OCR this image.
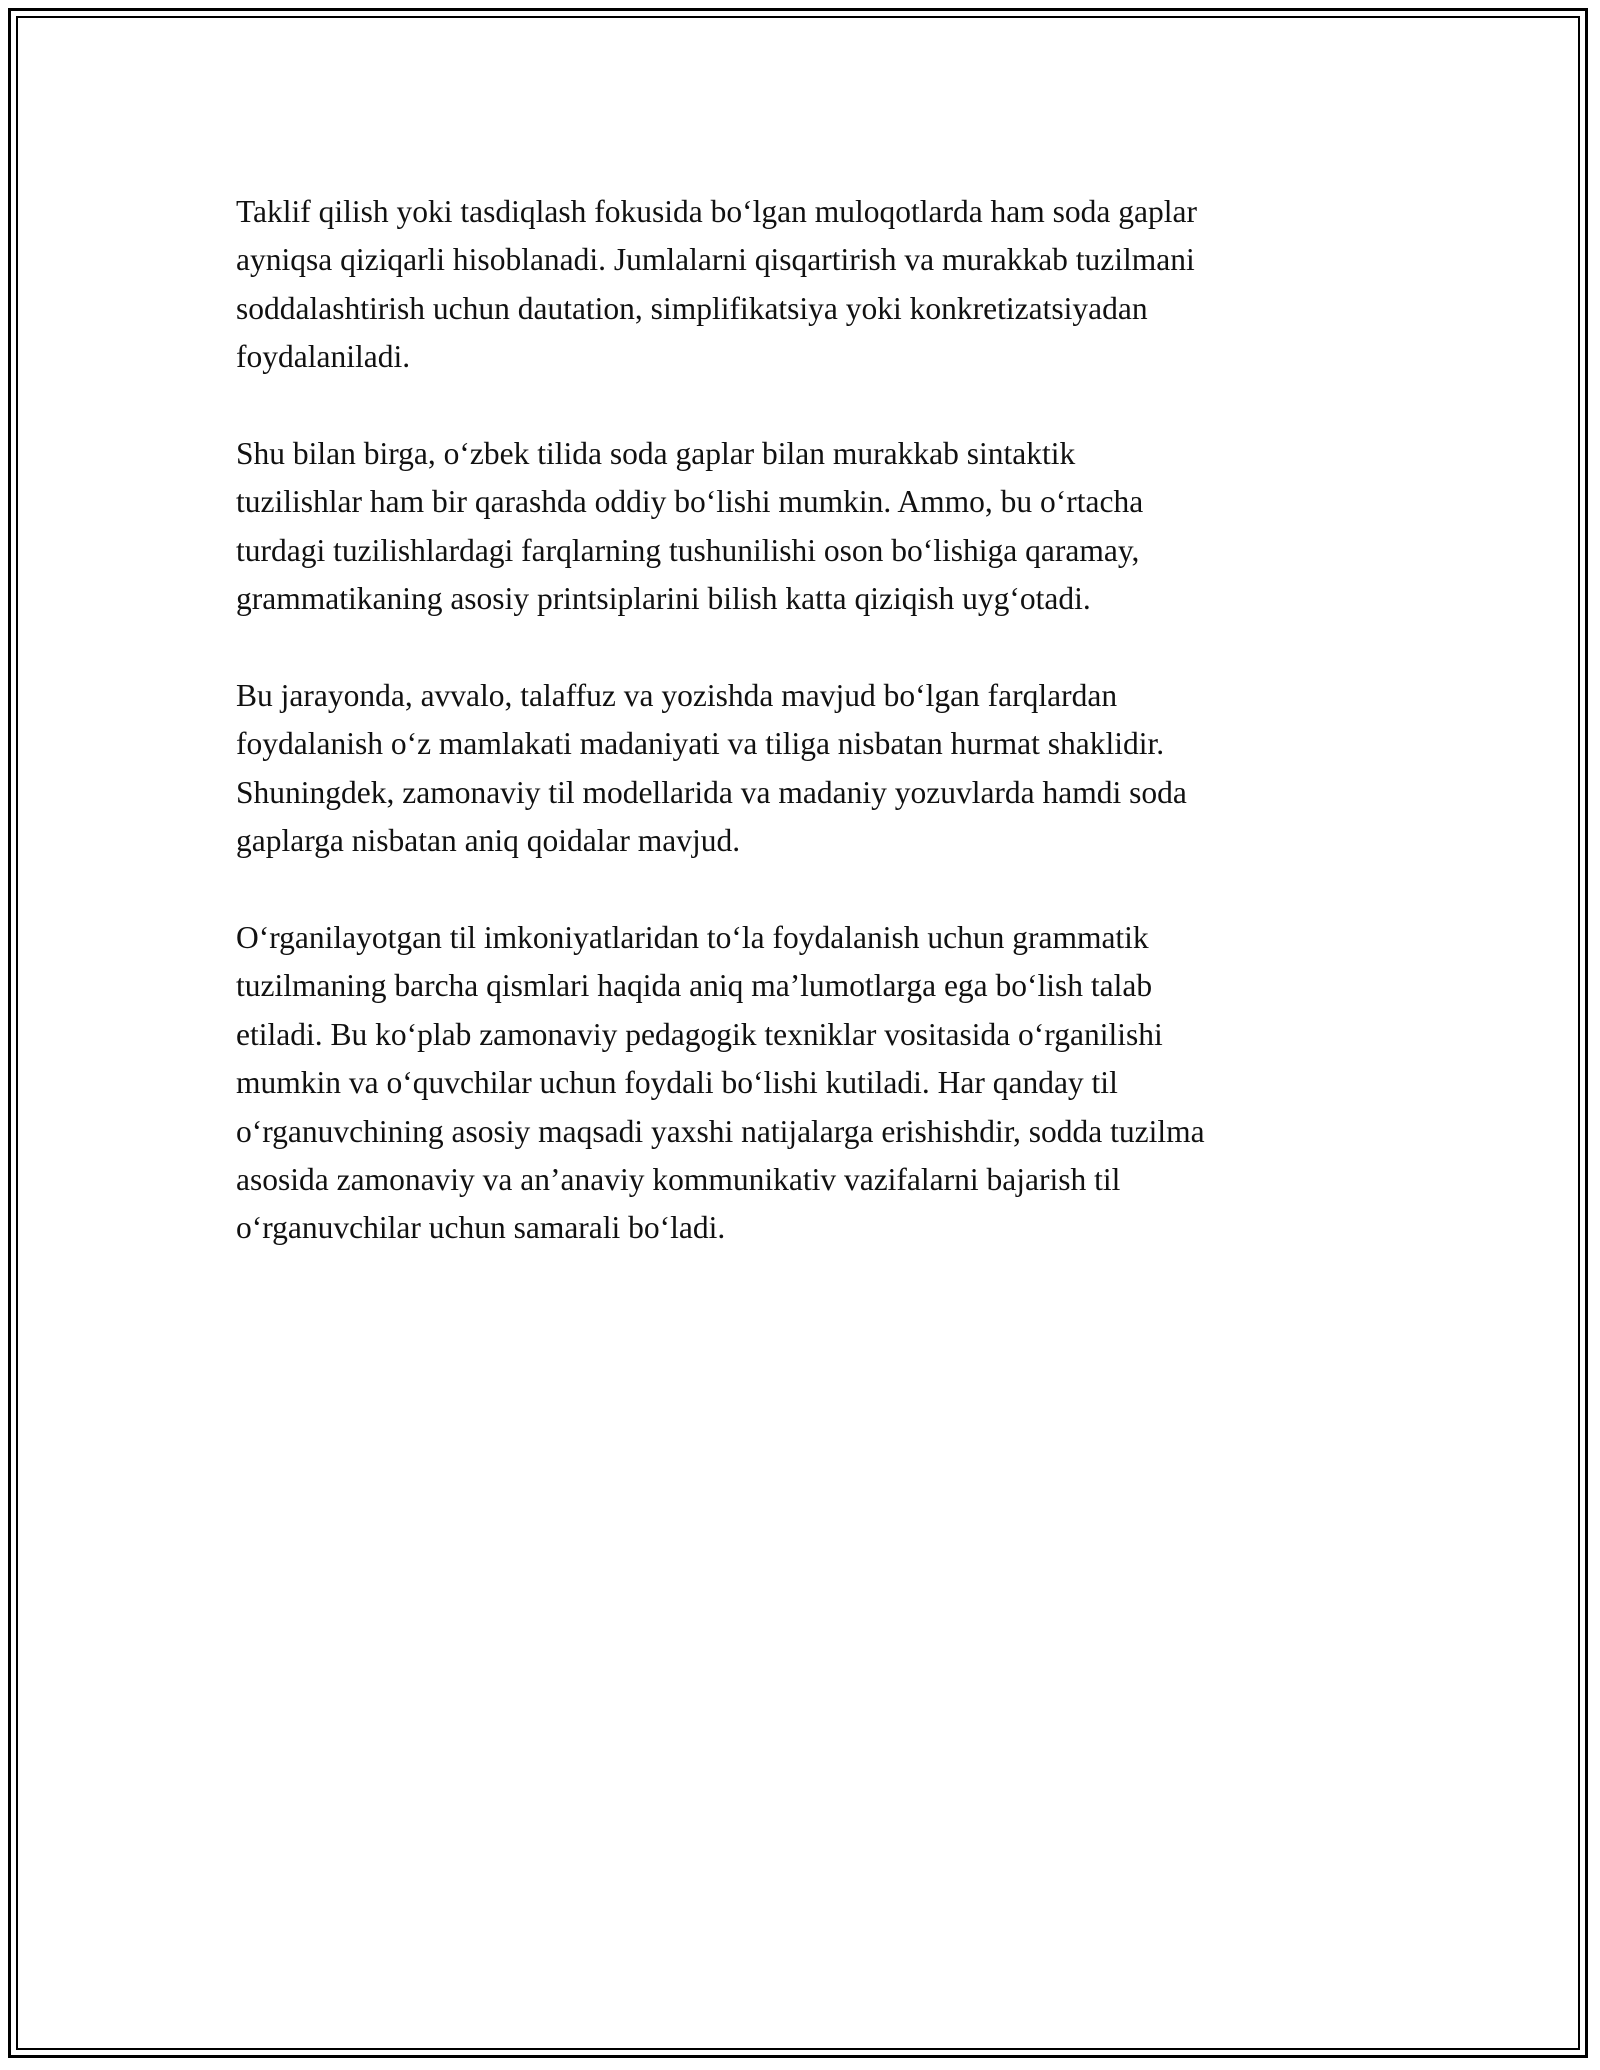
Taklif qilish yoki tasdiqlash fokusida bo‘lgan muloqotlarda ham soda gaplar
ayniqsa qiziqarli hisoblanadi. Jumlalarni qisqartirish va murakkab tuzilmani
soddalashtirish uchun dautation, simplifikatsiya yoki konkretizatsiyadan
foydalaniladi.

Shu bilan birga, o‘zbek tilida soda gaplar bilan murakkab sintaktik
tuzilishlar ham bir qarashda oddiy bo‘lishi mumkin. Ammo, bu o‘rtacha
turdagi tuzilishlardagi farqlarning tushunilishi oson bo‘lishiga qaramay,
grammatikaning asosiy printsiplarini bilish katta qiziqish uyg‘otadi.

Bu jarayonda, avvalo, talaffuz va yozishda mavjud bo‘lgan farqlardan
foydalanish o‘z mamlakati madaniyati va tiliga nisbatan hurmat shaklidir.
Shuningdek, zamonaviy til modellarida va madaniy yozuvlarda hamdi soda
gaplarga nisbatan aniq qoidalar mavjud.

O‘rganilayotgan til imkoniyatlaridan to‘la foydalanish uchun grammatik
tuzilmaning barcha qismlari haqida aniq ma’lumotlarga ega bo‘lish talab
etiladi. Bu ko‘plab zamonaviy pedagogik texniklar vositasida o‘rganilishi
mumkin va o‘quvchilar uchun foydali bo‘lishi kutiladi. Har qanday til
o‘rganuvchining asosiy maqsadi yaxshi natijalarga erishishdir, sodda tuzilma
asosida zamonaviy va an’anaviy kommunikativ vazifalarni bajarish til
o‘rganuvchilar uchun samarali bo‘ladi.
